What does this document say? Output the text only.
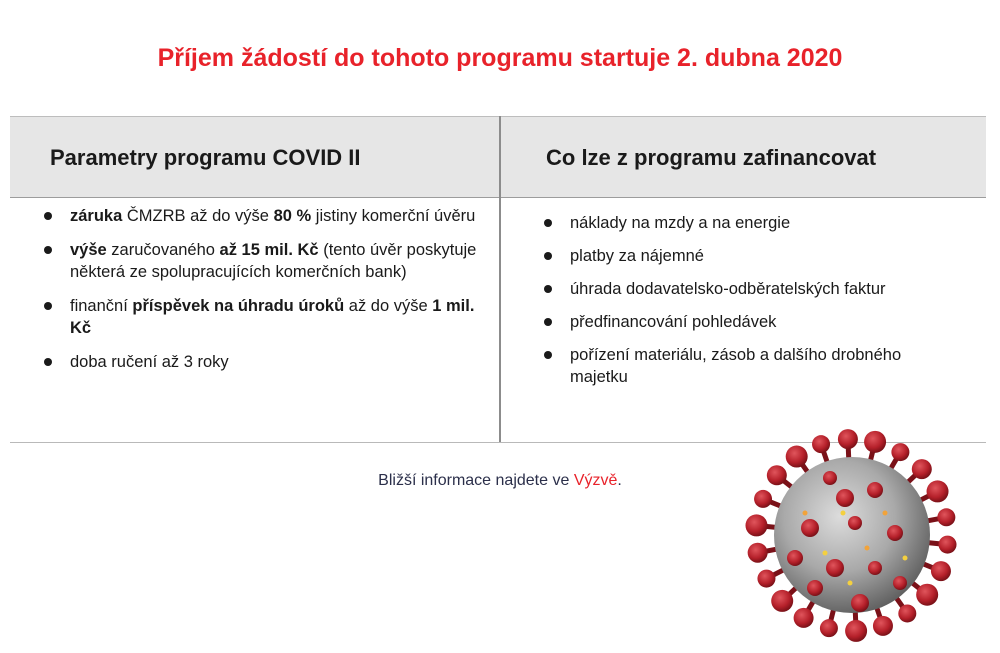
Příjem žádostí do tohoto programu startuje 2. dubna 2020
Parametry programu COVID II	Co lze z programu zafinancovat
záruka ČMZRB až do výše 80 % jistiny komerční úvěru
výše zaručovaného až 15 mil. Kč (tento úvěr poskytuje některá ze spolupracujících komerčních bank)
finanční příspěvek na úhradu úroků až do výše 1 mil. Kč
doba ručení až 3 roky
náklady na mzdy a na energie
platby za nájemné
úhrada dodavatelsko-odběratelských faktur
předfinancování pohledávek
pořízení materiálu, zásob a dalšího drobného majetku
Bližší informace najdete ve Výzvě.
